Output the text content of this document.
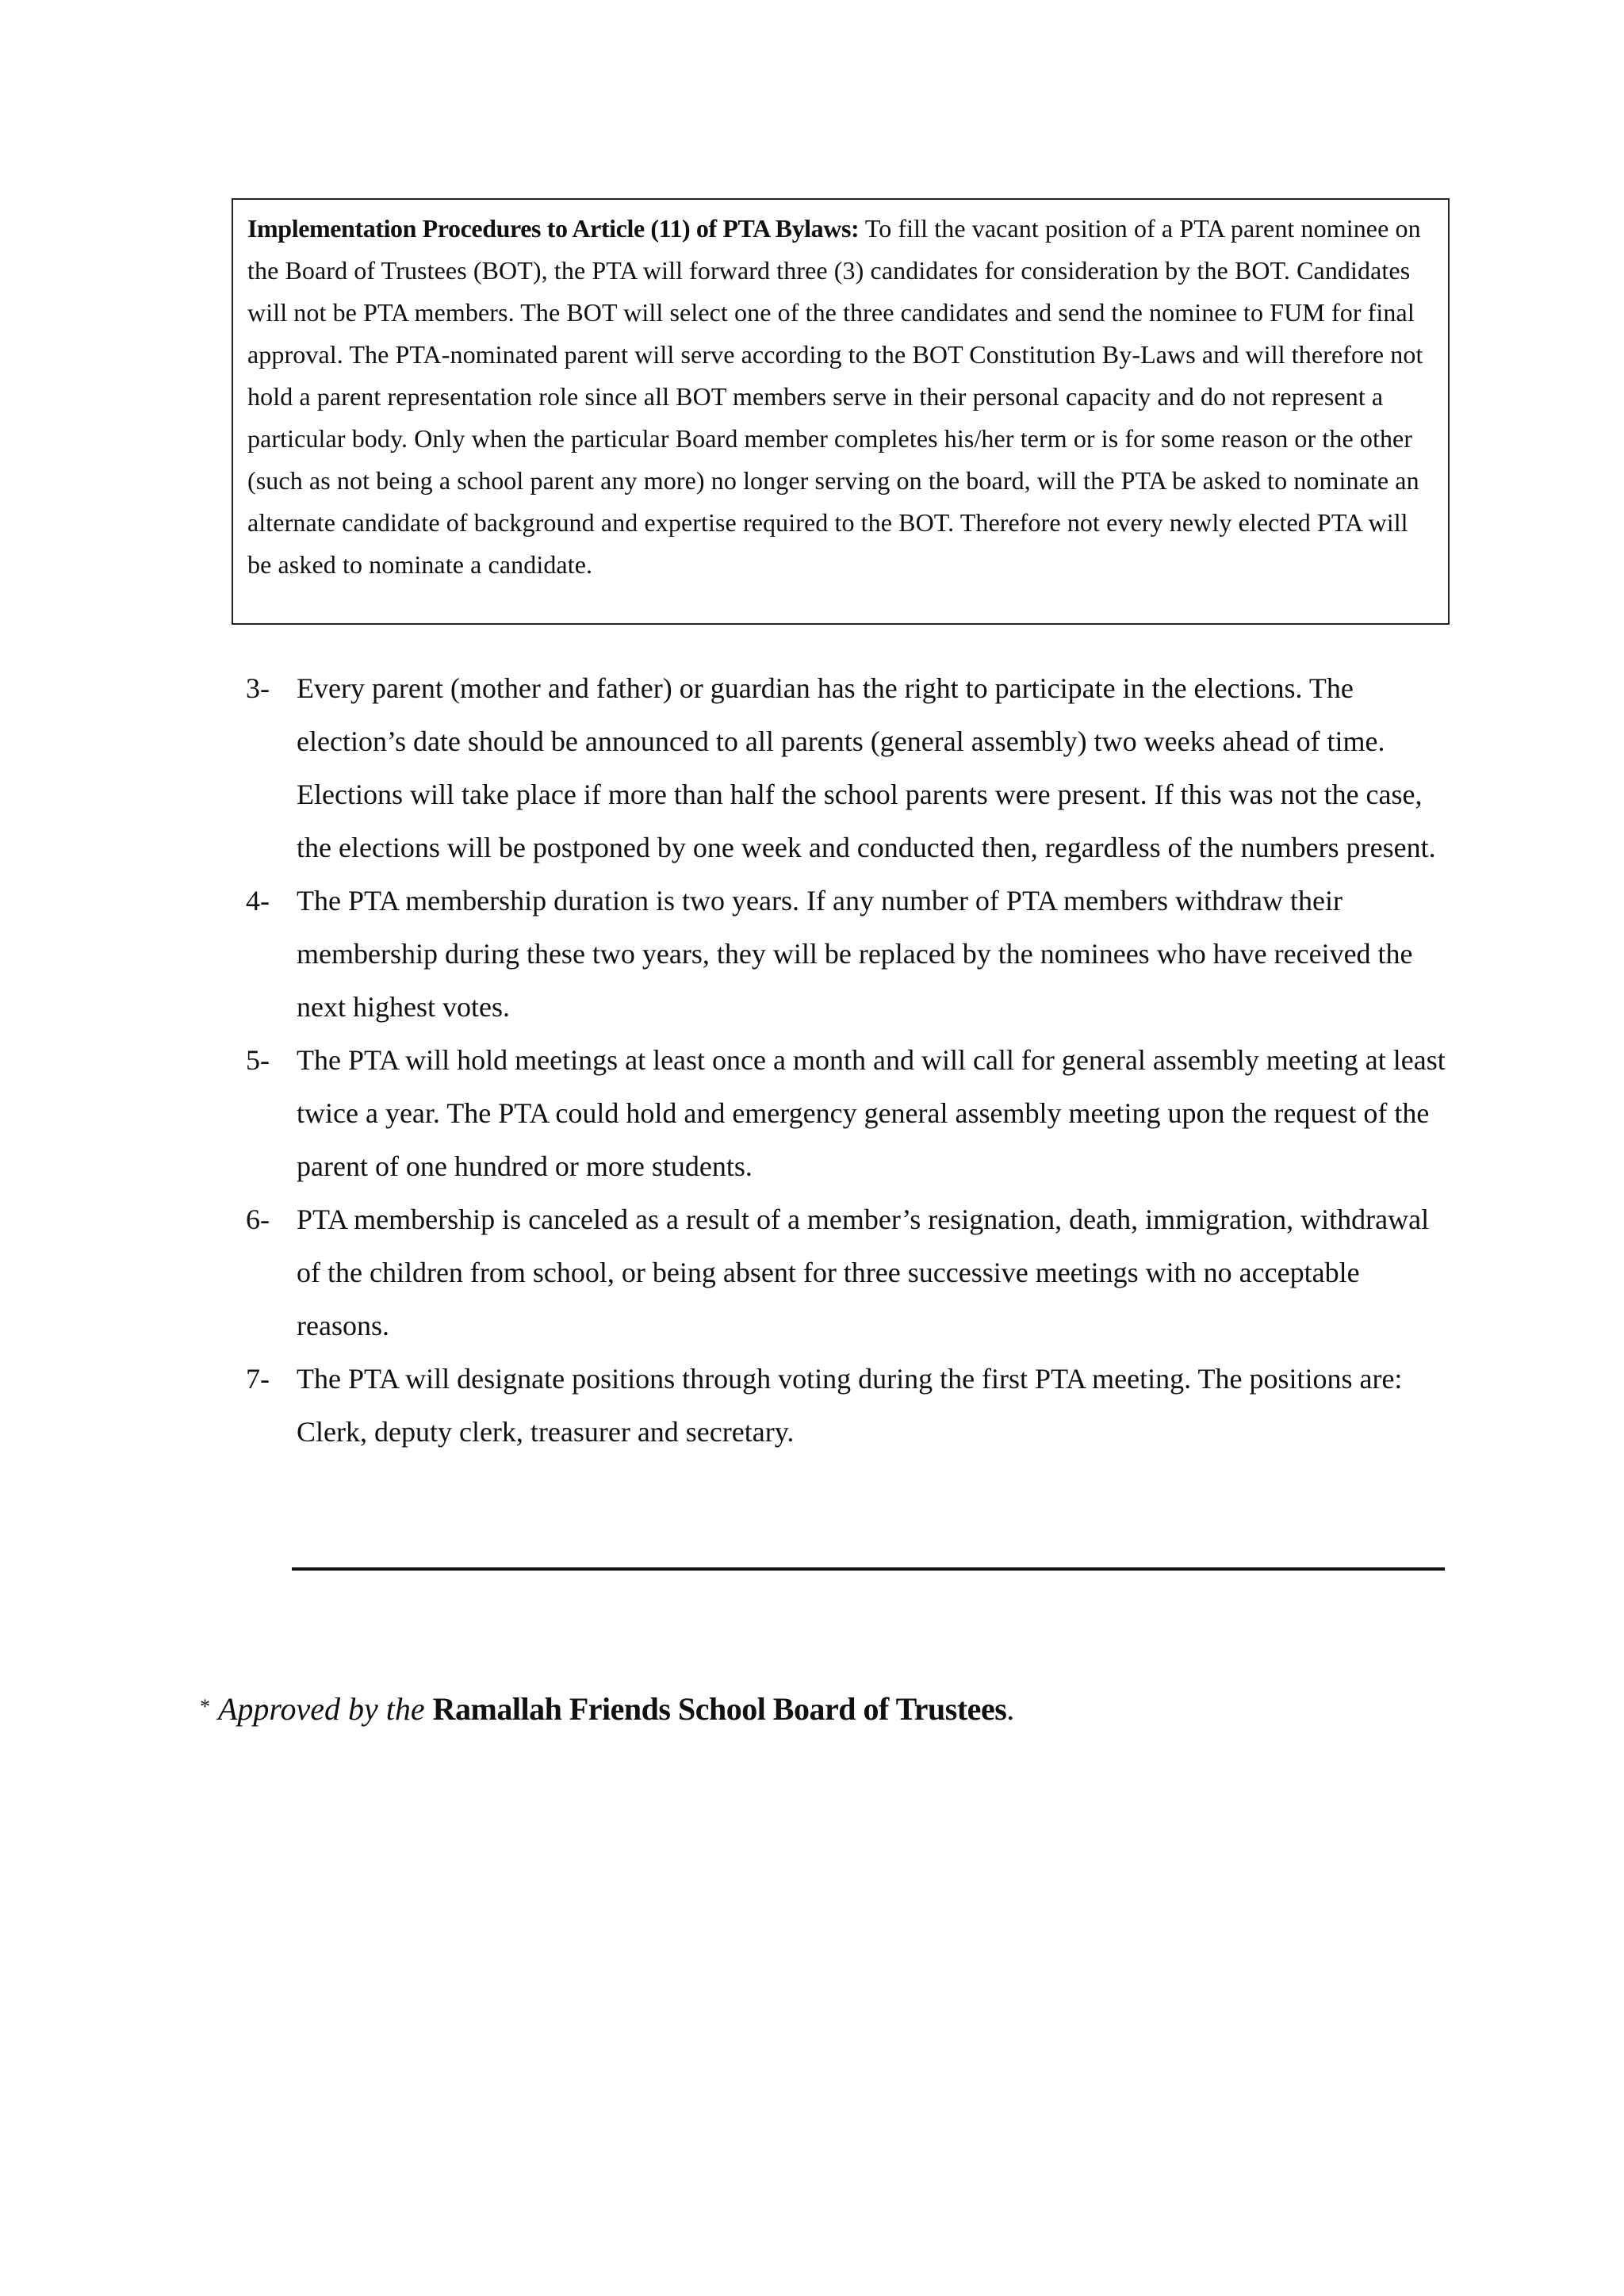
Implementation Procedures to Article (11) of PTA Bylaws: To fill the vacant position of a PTA parent nominee on the Board of Trustees (BOT), the PTA will forward three (3) candidates for consideration by the BOT. Candidates will not be PTA members. The BOT will select one of the three candidates and send the nominee to FUM for final approval. The PTA-nominated parent will serve according to the BOT Constitution By-Laws and will therefore not hold a parent representation role since all BOT members serve in their personal capacity and do not represent a particular body. Only when the particular Board member completes his/her term or is for some reason or the other (such as not being a school parent any more) no longer serving on the board, will the PTA be asked to nominate an alternate candidate of background and expertise required to the BOT. Therefore not every newly elected PTA will be asked to nominate a candidate.
3- Every parent (mother and father) or guardian has the right to participate in the elections. The election’s date should be announced to all parents (general assembly) two weeks ahead of time. Elections will take place if more than half the school parents were present. If this was not the case, the elections will be postponed by one week and conducted then, regardless of the numbers present.
4- The PTA membership duration is two years. If any number of PTA members withdraw their membership during these two years, they will be replaced by the nominees who have received the next highest votes.
5- The PTA will hold meetings at least once a month and will call for general assembly meeting at least twice a year. The PTA could hold and emergency general assembly meeting upon the request of the parent of one hundred or more students.
6- PTA membership is canceled as a result of a member’s resignation, death, immigration, withdrawal of the children from school, or being absent for three successive meetings with no acceptable reasons.
7- The PTA will designate positions through voting during the first PTA meeting. The positions are: Clerk, deputy clerk, treasurer and secretary.
* Approved by the Ramallah Friends School Board of Trustees.
